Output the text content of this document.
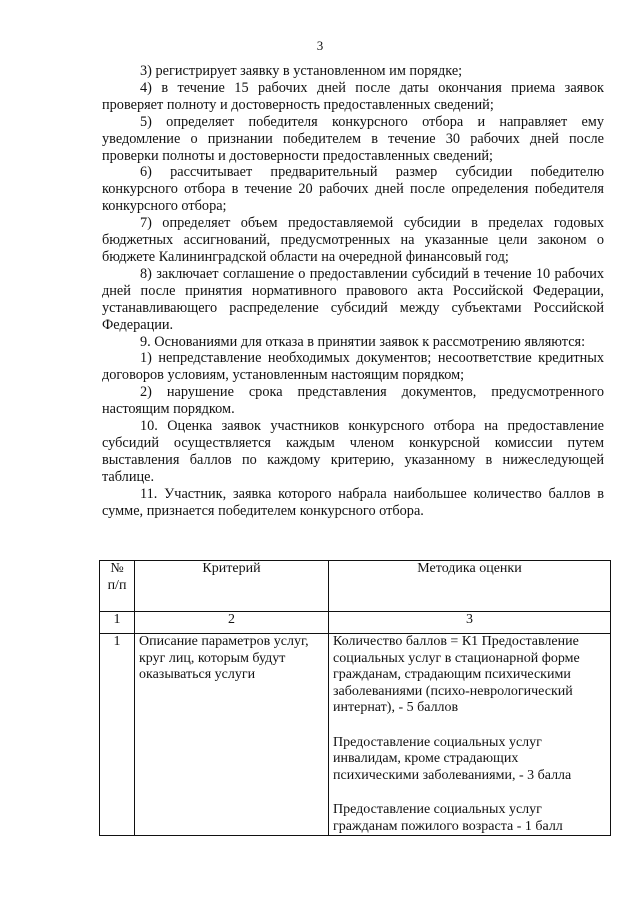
3

3) регистрирует заявку в установленном им порядке;

4) в течение 15 рабочих дней после даты окончания приема заявок проверяет полноту и достоверность предоставленных сведений;

5) определяет победителя конкурсного отбора и направляет ему уведомление о признании победителем в течение 30 рабочих дней после проверки полноты и достоверности предоставленных сведений;

6) рассчитывает предварительный размер субсидии победителю конкурсного отбора в течение 20 рабочих дней после определения победителя конкурсного отбора;

7) определяет объем предоставляемой субсидии в пределах годовых бюджетных ассигнований, предусмотренных на указанные цели законом о бюджете Калининградской области на очередной финансовый год;

8) заключает соглашение о предоставлении субсидий в течение 10 рабочих дней после принятия нормативного правового акта Российской Федерации, устанавливающего распределение субсидий между субъектами Российской Федерации.

9. Основаниями для отказа в принятии заявок к рассмотрению являются:

1) непредставление необходимых документов; несоответствие кредитных договоров условиям, установленным настоящим порядком;

2) нарушение срока представления документов, предусмотренного настоящим порядком.

10. Оценка заявок участников конкурсного отбора на предоставление субсидий осуществляется каждым членом конкурсной комиссии путем выставления баллов по каждому критерию, указанному в нижеследующей таблице.

11. Участник, заявка которого набрала наибольшее количество баллов в сумме, признается победителем конкурсного отбора.

№ п/п	Критерий	Методика оценки
1	2	3
1	Описание параметров услуг, круг лиц, которым будут оказываться услуги	Количество баллов = К1 Предоставление социальных услуг в стационарной форме гражданам, страдающим психическими заболеваниями (психо-неврологический интернат), - 5 баллов
Предоставление социальных услуг инвалидам, кроме страдающих психическими заболеваниями, - 3 балла
Предоставление социальных услуг гражданам пожилого возраста - 1 балл
